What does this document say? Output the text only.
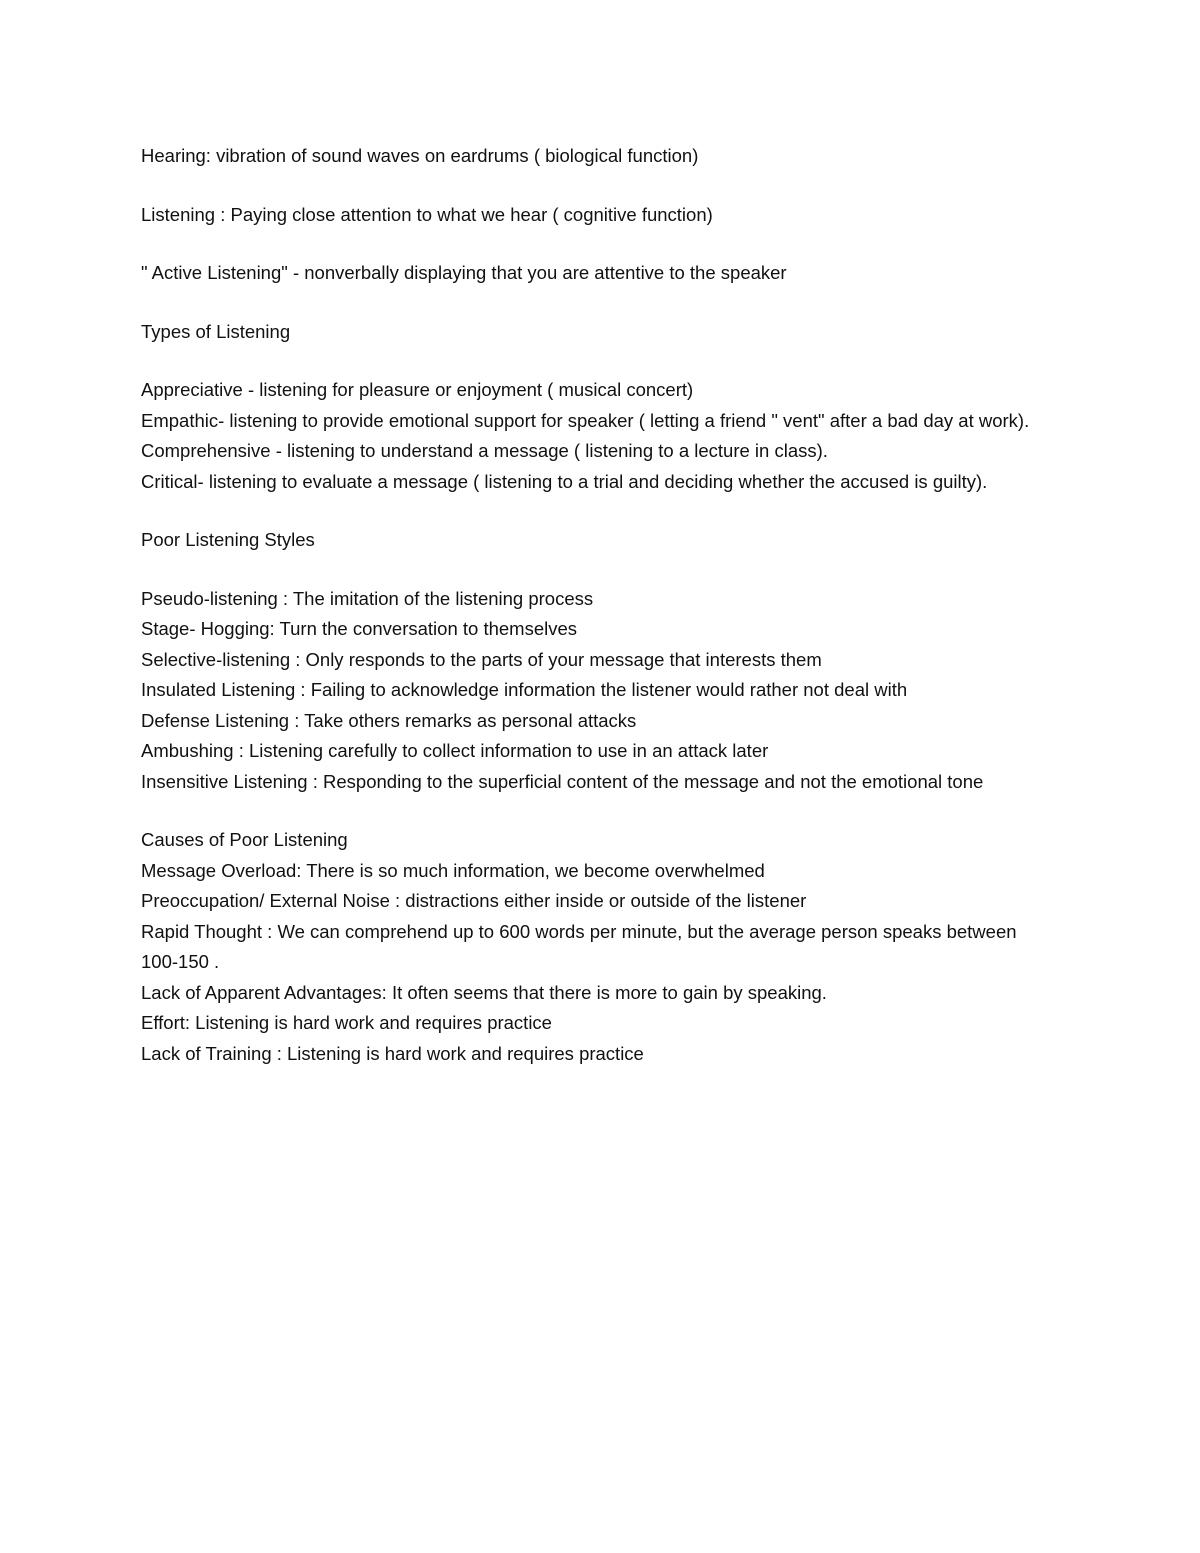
Hearing: vibration of sound waves on eardrums ( biological function)

Listening : Paying close attention to what we hear ( cognitive function)

" Active Listening" - nonverbally displaying that you are attentive to the speaker

Types of Listening

Appreciative - listening for pleasure or enjoyment ( musical concert)

Empathic- listening to provide emotional support for speaker ( letting a friend " vent" after a bad day at work).

Comprehensive - listening to understand a message ( listening to a lecture in class).

Critical- listening to evaluate a message ( listening to a trial and deciding whether the accused is guilty).

Poor Listening Styles

Pseudo-listening : The imitation of the listening process

Stage- Hogging: Turn the conversation to themselves

Selective-listening : Only responds to the parts of your message that interests them

Insulated Listening : Failing to acknowledge information the listener would rather not deal with

Defense Listening : Take others remarks as personal attacks

Ambushing : Listening carefully to collect information to use in an attack later

Insensitive Listening : Responding to the superficial content of the message and not the emotional tone

Causes of Poor Listening

Message Overload: There is so much information, we become overwhelmed

Preoccupation/ External Noise : distractions either inside or outside of the listener

Rapid Thought : We can comprehend up to 600 words per minute, but the average person speaks between 100-150 .

Lack of Apparent Advantages: It often seems that there is more to gain by speaking.

Effort: Listening is hard work and requires practice

Lack of Training : Listening is hard work and requires practice
